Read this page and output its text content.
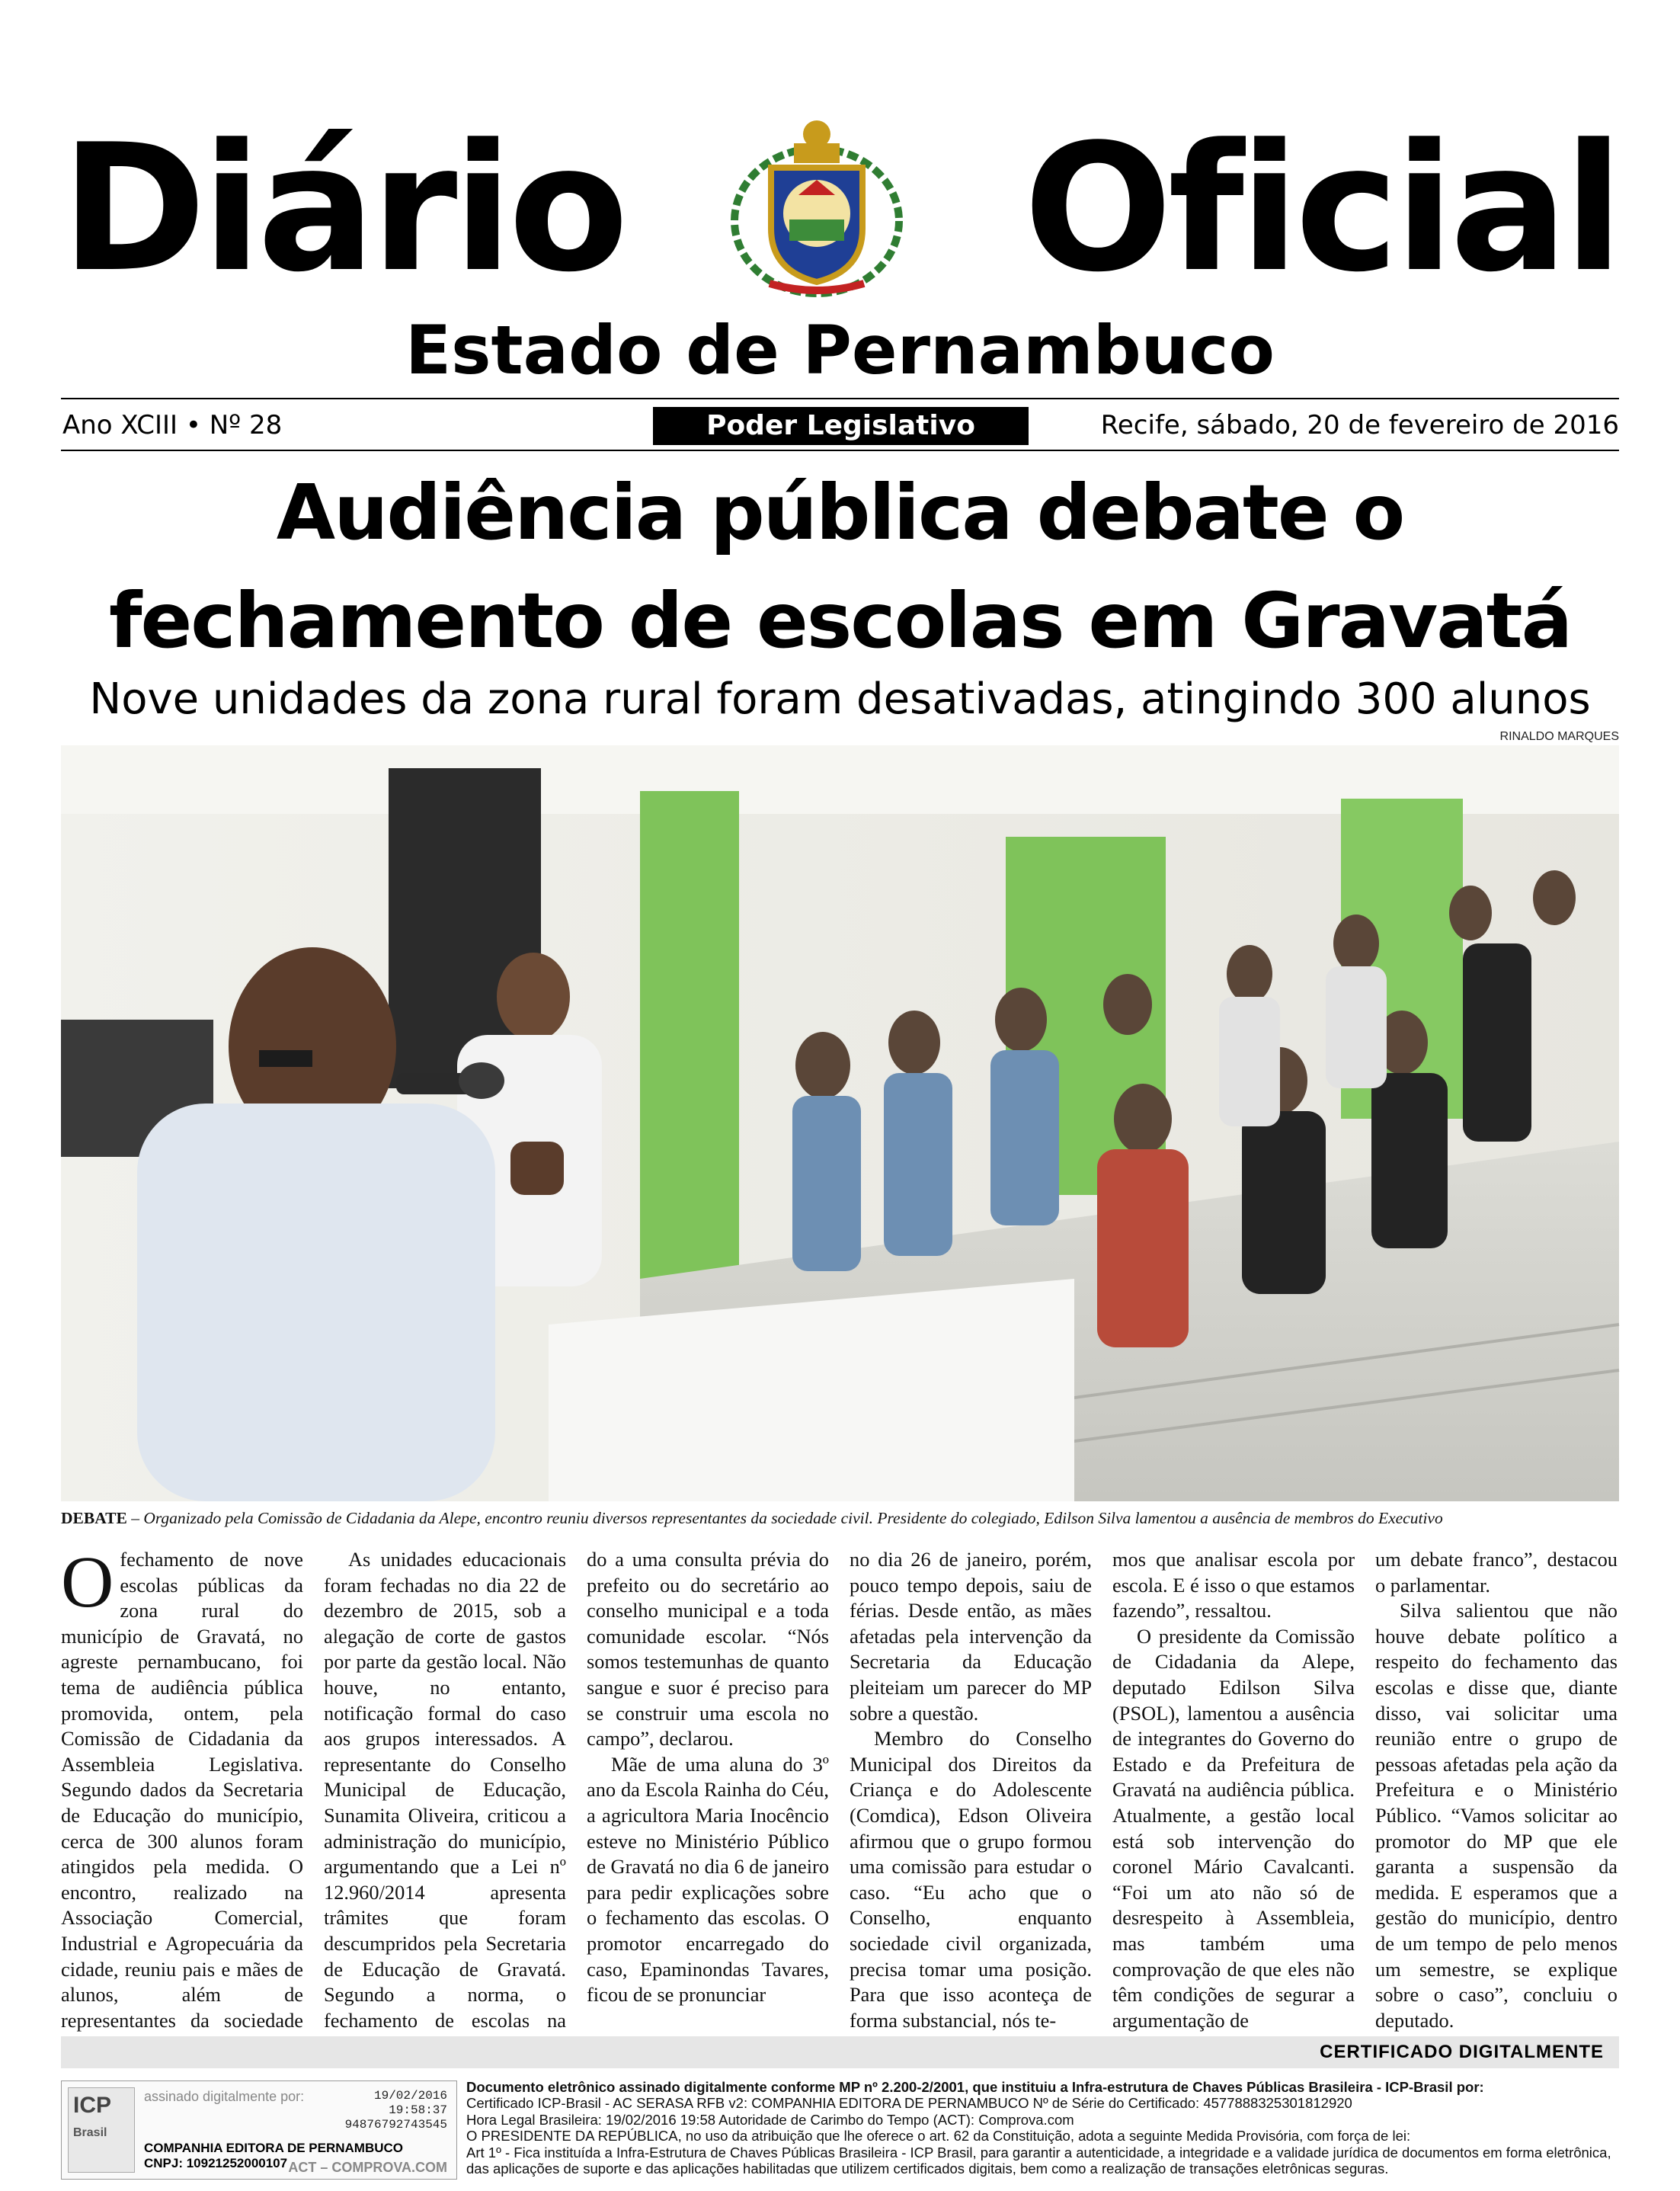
Diário Oficial
Estado de Pernambuco
Ano XCIII • Nº 28	Poder Legislativo	Recife, sábado, 20 de fevereiro de 2016
Audiência pública debate o
fechamento de escolas em Gravatá
Nove unidades da zona rural foram desativadas, atingindo 300 alunos
RINALDO MARQUES
DEBATE – Organizado pela Comissão de Cidadania da Alepe, encontro reuniu diversos representantes da sociedade civil. Presidente do colegiado, Edilson Silva lamentou a ausência de membros do Executivo

Ofechamento de nove escolas públicas da zona rural do município de Gravatá, no agreste pernambucano, foi tema de audiência pública promovida, ontem, pela Comissão de Cidadania da Assembleia Legislativa. Segundo dados da Secretaria de Educação do município, cerca de 300 alunos foram atingidos pela medida. O encontro, realizado na Associação Comercial, Industrial e Agropecuária da cidade, reuniu pais e mães de alunos, além de representantes da sociedade

As unidades educacionais foram fechadas no dia 22 de dezembro de 2015, sob a alegação de corte de gastos por parte da gestão local. Não houve, no entanto, notificação formal do caso aos grupos interessados. A representante do Conselho Municipal de Educação, Sunamita Oliveira, criticou a administração do município, argumentando que a Lei nº 12.960/2014 apresenta trâmites que foram descumpridos pela Secretaria de Educação de Gravatá. Segundo a norma, o fechamento de escolas na

do a uma consulta prévia do prefeito ou do secretário ao conselho municipal e a toda comunidade escolar. “Nós somos testemunhas de quanto sangue e suor é preciso para se construir uma escola no campo”, declarou.

Mãe de uma aluna do 3º ano da Escola Rainha do Céu, a agricultora Maria Inocêncio esteve no Ministério Público de Gravatá no dia 6 de janeiro para pedir explicações sobre o fechamento das escolas. O promotor encarregado do caso, Epaminondas Tavares, ficou de se pronunciar

no dia 26 de janeiro, porém, pouco tempo depois, saiu de férias. Desde então, as mães afetadas pela intervenção da Secretaria da Educação pleiteiam um parecer do MP sobre a questão.

Membro do Conselho Municipal dos Direitos da Criança e do Adolescente (Comdica), Edson Oliveira afirmou que o grupo formou uma comissão para estudar o caso. “Eu acho que o Conselho, enquanto sociedade civil organizada, precisa tomar uma posição. Para que isso aconteça de forma substancial, nós te-

mos que analisar escola por escola. E é isso o que estamos fazendo”, ressaltou.

O presidente da Comissão de Cidadania da Alepe, deputado Edilson Silva (PSOL), lamentou a ausência de integrantes do Governo do Estado e da Prefeitura de Gravatá na audiência pública. Atualmente, a gestão local está sob intervenção do coronel Mário Cavalcanti. “Foi um ato não só de desrespeito à Assembleia, mas também uma comprovação de que eles não têm condições de segurar a argumentação de

um debate franco”, destacou o parlamentar.

Silva salientou que não houve debate político a respeito do fechamento das escolas e disse que, diante disso, vai solicitar uma reunião entre o grupo de pessoas afetadas pela ação da Prefeitura e o Ministério Público. “Vamos solicitar ao promotor do MP que ele garanta a suspensão da medida. E esperamos que a gestão do município, dentro de um tempo de pelo menos um semestre, se explique sobre o caso”, concluiu o deputado.

CERTIFICADO DIGITALMENTE
ICP
Brasil
assinado digitalmente por:	19/02/2016
19:58:37
94876792743545
COMPANHIA EDITORA DE PERNAMBUCO
CNPJ: 10921252000107 ACT – COMPROVA.COM
Documento eletrônico assinado digitalmente conforme MP nº 2.200-2/2001, que instituiu a Infra-estrutura de Chaves Públicas Brasileira - ICP-Brasil por:
Certificado ICP-Brasil - AC SERASA RFB v2: COMPANHIA EDITORA DE PERNAMBUCO Nº de Série do Certificado: 4577888325301812920
Hora Legal Brasileira: 19/02/2016 19:58 Autoridade de Carimbo do Tempo (ACT): Comprova.com
O PRESIDENTE DA REPÚBLICA, no uso da atribuição que lhe oferece o art. 62 da Constituição, adota a seguinte Medida Provisória, com força de lei:
Art 1º - Fica instituída a Infra-Estrutura de Chaves Públicas Brasileira - ICP Brasil, para garantir a autenticidade, a integridade e a validade jurídica de documentos em forma eletrônica,
das aplicações de suporte e das aplicações habilitadas que utilizem certificados digitais, bem como a realização de transações eletrônicas seguras.
